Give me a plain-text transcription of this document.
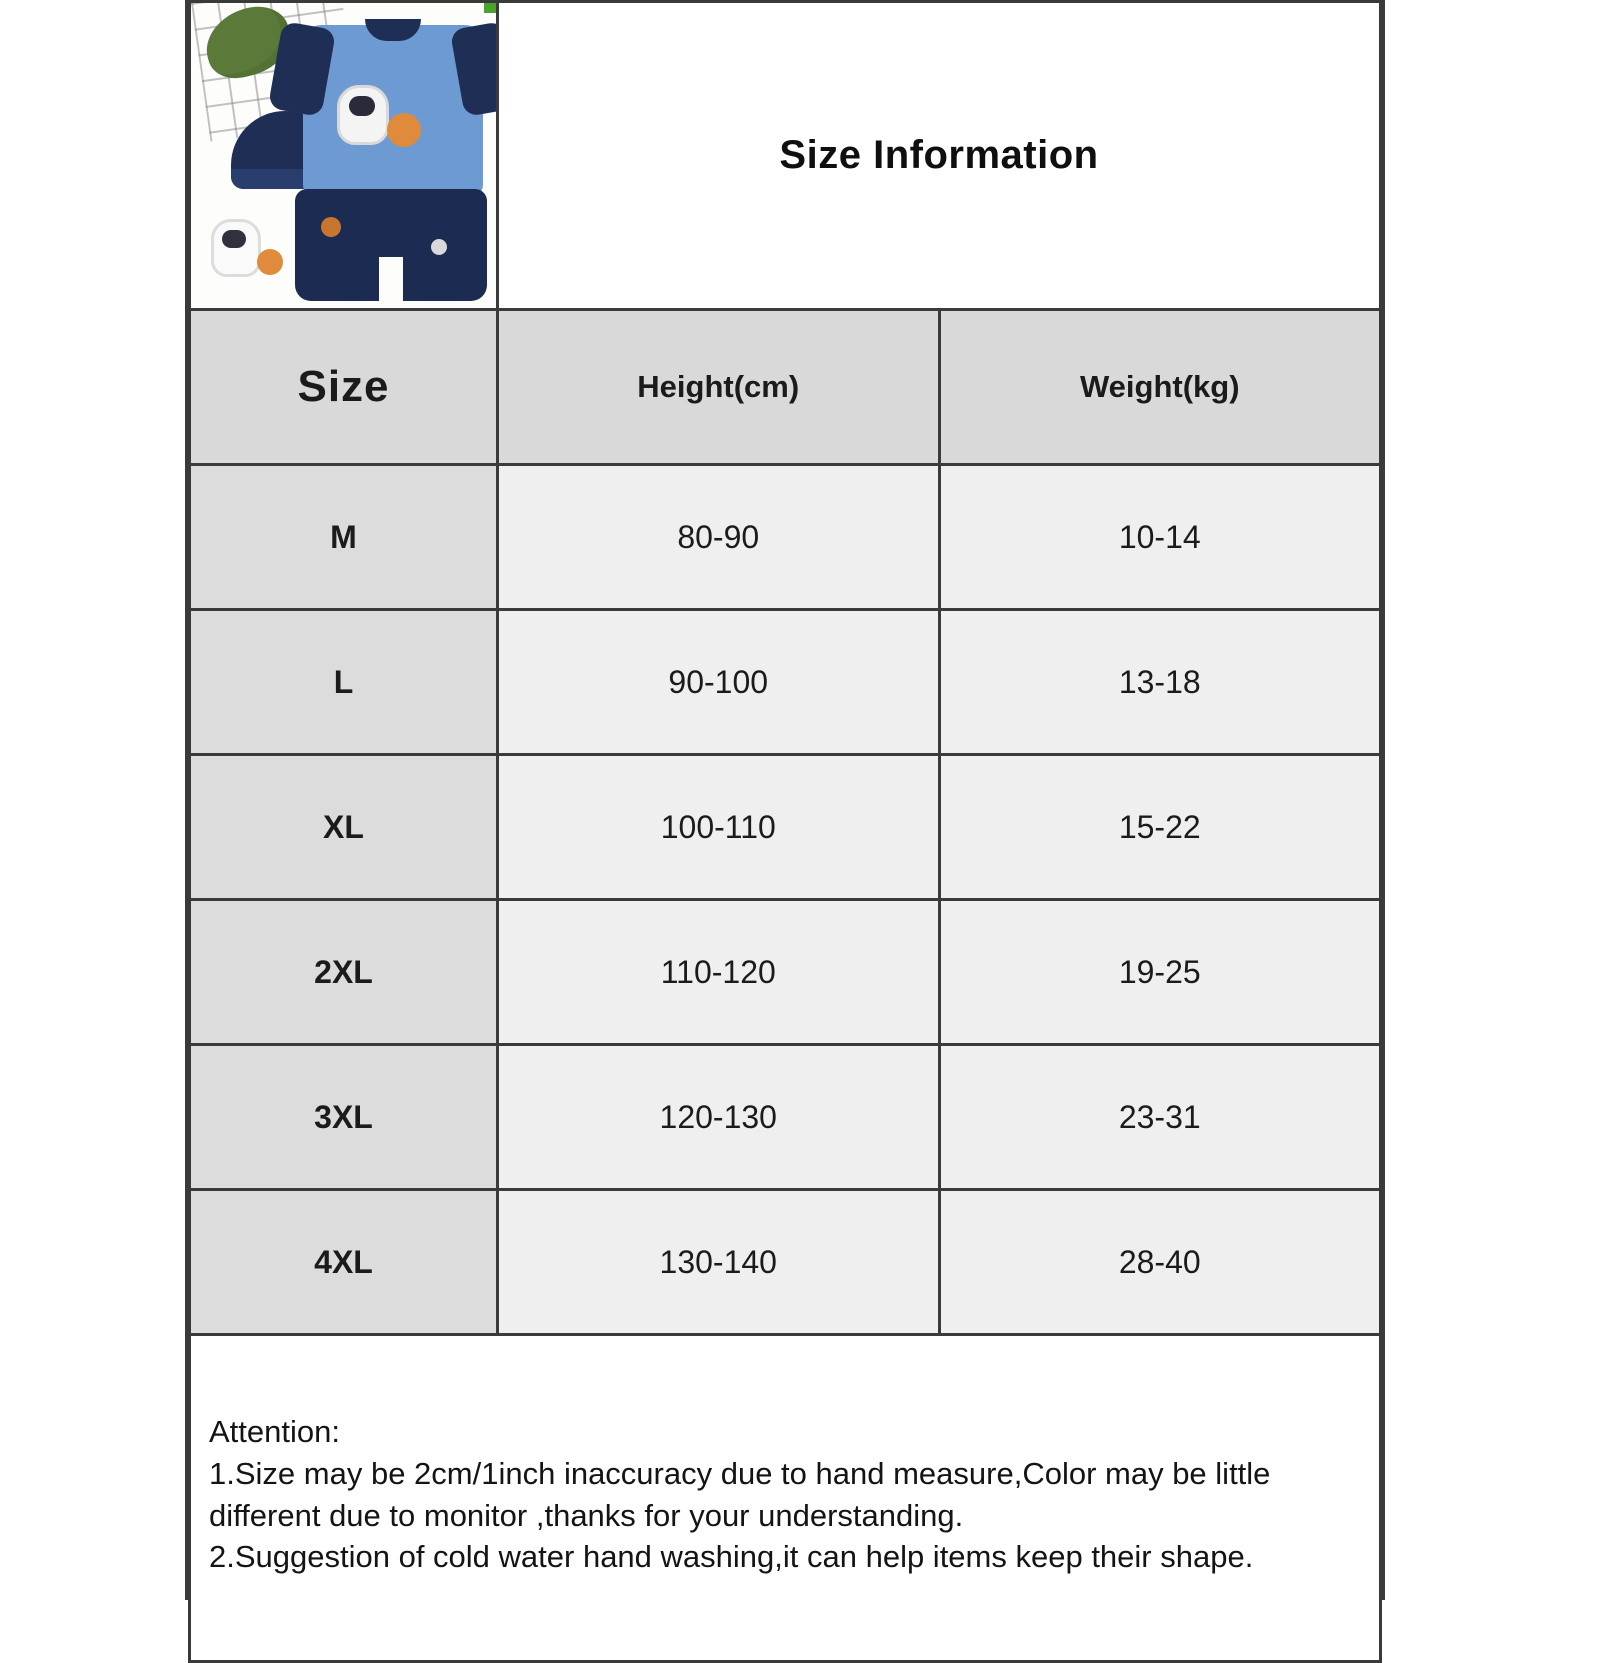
	Size Information	
Size	Height(cm)	Weight(kg)
M	80-90	10-14
L	90-100	13-18
XL	100-110	15-22
2XL	110-120	19-25
3XL	120-130	23-31
4XL	130-140	28-40

Attention:
1.Size may be 2cm/1inch inaccuracy due to hand measure,Color may be little
different due to monitor ,thanks for your understanding.
2.Suggestion of cold water hand washing,it can help items keep their shape.		
